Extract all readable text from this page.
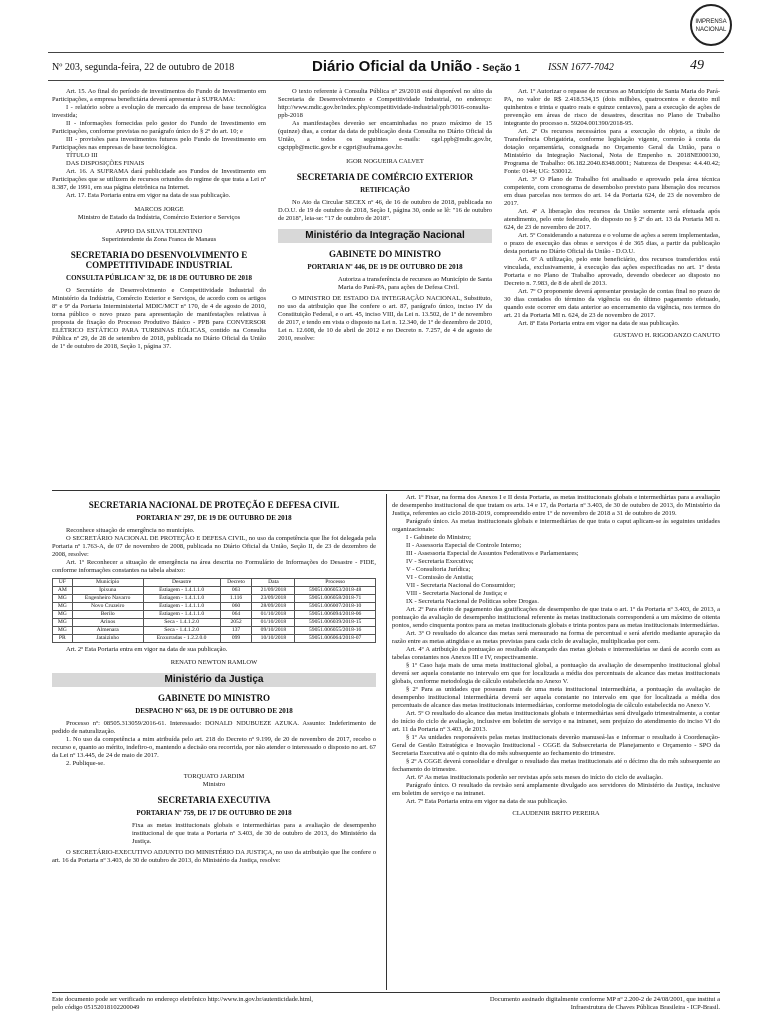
IMPRENSA NACIONAL
Nº 203, segunda-feira, 22 de outubro de 2018	Diário Oficial da União - Seção 1	ISSN 1677-7042	49

Art. 15. Ao final do período de investimentos do Fundo de Investimento em Participações, a empresa beneficiária deverá apresentar à SUFRAMA:

I - relatório sobre a evolução de mercado da empresa de base tecnológica investida;

II - informações fornecidas pelo gestor do Fundo de Investimento em Participações, conforme previstas no parágrafo único do § 2º do art. 10; e

III - provisões para investimentos futuros pelo Fundo de Investimento em Participações nas empresas de base tecnológica.

TÍTULO III

DAS DISPOSIÇÕES FINAIS

Art. 16. A SUFRAMA dará publicidade aos Fundos de Investimento em Participações que se utilizem de recursos oriundos do regime de que trata a Lei nº 8.387, de 1991, em sua página eletrônica na Internet.

Art. 17. Esta Portaria entra em vigor na data de sua publicação.

MARCOS JORGE

Ministro de Estado da Indústria, Comércio Exterior e Serviços

APPIO DA SILVA TOLENTINO

Superintendente da Zona Franca de Manaus

SECRETARIA DO DESENVOLVIMENTO E COMPETITIVIDADE INDUSTRIAL
CONSULTA PÚBLICA Nº 32, DE 18 DE OUTUBRO DE 2018

O Secretário de Desenvolvimento e Competitividade Industrial do Ministério da Indústria, Comércio Exterior e Serviços, de acordo com os artigos 8º e 9º da Portaria Interministerial MDIC/MCT nº 170, de 4 de agosto de 2010, torna público o novo prazo para apresentação de manifestações relativas à proposta de fixação do Processo Produtivo Básico - PPB para CONVERSOR ELÉTRICO ESTÁTICO PARA TURBINAS EÓLICAS, contido na Consulta Pública nº 29, de 28 de setembro de 2018, publicada no Diário Oficial da União de 1º de outubro de 2018, Seção 1, página 37.

O texto referente à Consulta Pública nº 29/2018 está disponível no sítio da Secretaria de Desenvolvimento e Competitividade Industrial, no endereço: http://www.mdic.gov.br/index.php/competitividade-industrial/ppb/3016-consulta-ppb-2018

As manifestações deverão ser encaminhadas no prazo máximo de 15 (quinze) dias, a contar da data de publicação desta Consulta no Diário Oficial da União, a todos os seguintes e-mails: cgel.ppb@mdic.gov.br, cgctppb@mctic.gov.br e cgpri@suframa.gov.br.

IGOR NOGUEIRA CALVET

SECRETARIA DE COMÉRCIO EXTERIOR
RETIFICAÇÃO

No Ato da Circular SECEX nº 46, de 16 de outubro de 2018, publicada no D.O.U. de 19 de outubro de 2018, Seção I, página 30, onde se lê: "16 de outubro de 2018", leia-se: "17 de outubro de 2018".

Ministério da Integração Nacional
GABINETE DO MINISTRO
PORTARIA Nº 446, DE 19 DE OUTUBRO DE 2018

Autoriza a transferência de recursos ao Município de Santa Maria do Pará-PA, para ações de Defesa Civil.

O MINISTRO DE ESTADO DA INTEGRAÇÃO NACIONAL, Substituto, no uso da atribuição que lhe confere o art. 87, parágrafo único, inciso IV da Constituição Federal, e o art. 45, inciso VIII, da Lei n. 13.502, de 1º de novembro de 2017, e tendo em vista o disposto na Lei n. 12.340, de 1º de dezembro de 2010, Lei n. 12.608, de 10 de abril de 2012 e no Decreto n. 7.257, de 4 de agosto de 2010, resolve:

Art. 1º Autorizar o repasse de recursos ao Município de Santa Maria do Pará-PA, no valor de R$ 2.418.534,15 (dois milhões, quatrocentos e dezoito mil quinhentos e trinta e quatro reais e quinze centavos), para a execução de ações de prevenção em áreas de risco de desastres, descritas no Plano de Trabalho integrante do processo n. 59204.001390/2018-95.

Art. 2º Os recursos necessários para a execução do objeto, a título de Transferência Obrigatória, conforme legislação vigente, correrão à conta da dotação orçamentária, consignada no Orçamento Geral da União, para o Ministério da Integração Nacional, Nota de Empenho n. 2018NE000130, Programa de Trabalho: 06.182.2040.8348.0001; Natureza de Despesa: 4.4.40.42; Fonte: 0144; UG: 530012.

Art. 3º O Plano de Trabalho foi analisado e aprovado pela área técnica competente, com cronograma de desembolso previsto para liberação dos recursos em duas parcelas nos termos do art. 14 da Portaria 624, de 23 de novembro de 2017.

Art. 4º A liberação dos recursos da União somente será efetuada após atendimento, pelo ente federado, do disposto no § 2º do art. 13 da Portaria MI n. 624, de 23 de novembro de 2017.

Art. 5º Considerando a natureza e o volume de ações a serem implementadas, o prazo de execução das obras e serviços é de 365 dias, a partir da publicação desta portaria no Diário Oficial da União - D.O.U.

Art. 6º A utilização, pelo ente beneficiário, dos recursos transferidos está vinculada, exclusivamente, à execução das ações especificadas no art. 1º desta Portaria e no Plano de Trabalho aprovado, devendo obedecer ao disposto no Decreto n. 7.983, de 8 de abril de 2013.

Art. 7º O proponente deverá apresentar prestação de contas final no prazo de 30 dias contados do término da vigência ou do último pagamento efetuado, quando este ocorrer em data anterior ao encerramento da vigência, nos termos do art. 21 da Portaria MI n. 624, de 23 de novembro de 2017.

Art. 8º Esta Portaria entra em vigor na data de sua publicação.

GUSTAVO H. RIGODANZO CANUTO

SECRETARIA NACIONAL DE PROTEÇÃO E DEFESA CIVIL
PORTARIA Nº 297, DE 19 DE OUTUBRO DE 2018

Reconhece situação de emergência no município.

O SECRETÁRIO NACIONAL DE PROTEÇÃO E DEFESA CIVIL, no uso da competência que lhe foi delegada pela Portaria nº 1.763-A, de 07 de novembro de 2008, publicada no Diário Oficial da União, Seção II, de 23 de dezembro de 2008, resolve:

Art. 1º Reconhecer a situação de emergência na área descrita no Formulário de Informações do Desastre - FIDE, conforme informações constantes na tabela abaixo:

UF	Município	Desastre	Decreto	Data	Processo
AM	Ipixuna	Estiagem - 1.4.1.1.0	063	21/09/2018	59051.006053/2018-48
MG	Engenheiro Navarro	Estiagem - 1.4.1.1.0	1.116	23/09/2018	59051.006058/2018-71
MG	Novo Cruzeiro	Estiagem - 1.4.1.1.0	060	28/09/2018	59051.006007/2018-10
MG	Berilo	Estiagem - 1.4.1.1.0	064	01/10/2018	59051.006094/2018-06
MG	Arinos	Seca - 1.4.1.2.0	2052	01/10/2018	59051.006039/2018-15
MG	Almenara	Seca - 1.4.1.2.0	137	09/10/2018	59051.006055/2018-16
PR	Jataizinho	Enxurradas - 1.2.2.0.0	099	10/10/2018	59051.006064/2018-07

Art. 2º Esta Portaria entra em vigor na data de sua publicação.

RENATO NEWTON RAMLOW

Ministério da Justiça
GABINETE DO MINISTRO
DESPACHO Nº 663, DE 19 DE OUTUBRO DE 2018

Processo nº: 08505.313059/2016-61. Interessado: DONALD NDUBUEZE AZUKA. Assunto: Indeferimento de pedido de naturalização.

1. No uso da competência a mim atribuída pelo art. 218 do Decreto nº 9.199, de 20 de novembro de 2017, recebo o recurso e, quanto ao mérito, indefiro-o, mantendo a decisão ora recorrida, por não atender o interessado o disposto no art. 67 da Lei nº 13.445, de 24 de maio de 2017.

2. Publique-se.

TORQUATO JARDIM

Ministro

SECRETARIA EXECUTIVA
PORTARIA Nº 759, DE 17 DE OUTUBRO DE 2018

Fixa as metas institucionais globais e intermediárias para a avaliação de desempenho institucional de que trata a Portaria nº 3.403, de 30 de outubro de 2013, do Ministério da Justiça.

O SECRETÁRIO-EXECUTIVO ADJUNTO DO MINISTÉRIO DA JUSTIÇA, no uso da atribuição que lhe confere o art. 16 da Portaria nº 3.403, de 30 de outubro de 2013, do Ministério da Justiça, resolve:

Art. 1º Fixar, na forma dos Anexos I e II desta Portaria, as metas institucionais globais e intermediárias para a avaliação de desempenho institucional de que tratam os arts. 14 e 17, da Portaria nº 3.403, de 30 de outubro de 2013, do Ministério da Justiça, referentes ao ciclo 2018-2019, compreendido entre 1º de novembro de 2018 a 31 de outubro de 2019.

Parágrafo único. As metas institucionais globais e intermediárias de que trata o caput aplicam-se às seguintes unidades organizacionais:

I - Gabinete do Ministro;

II - Assessoria Especial de Controle Interno;

III - Assessoria Especial de Assuntos Federativos e Parlamentares;

IV - Secretaria Executiva;

V - Consultoria Jurídica;

VI - Comissão de Anistia;

VII - Secretaria Nacional do Consumidor;

VIII - Secretaria Nacional de Justiça; e

IX - Secretaria Nacional de Políticas sobre Drogas.

Art. 2º Para efeito de pagamento das gratificações de desempenho de que trata o art. 1º da Portaria nº 3.403, de 2013, a pontuação da avaliação de desempenho institucional referente às metas institucionais corresponderá a um máximo de oitenta pontos, sendo cinquenta pontos para as metas institucionais globais e trinta pontos para as metas institucionais intermediárias.

Art. 3º O resultado do alcance das metas será mensurado na forma de percentual e será aferido mediante apuração da razão entre as metas atingidas e as metas previstas para cada ciclo de avaliação, multiplicadas por cem.

Art. 4º A atribuição da pontuação ao resultado alcançado das metas globais e intermediárias se dará de acordo com as tabelas constantes nos Anexos III e IV, respectivamente.

§ 1º Caso haja mais de uma meta institucional global, a pontuação da avaliação de desempenho institucional global deverá ser aquela constante no intervalo em que for localizada a média dos percentuais de alcance das metas institucionais globais, conforme metodologia de cálculo estabelecida no Anexo V.

§ 2º Para as unidades que possuam mais de uma meta institucional intermediária, a pontuação da avaliação de desempenho institucional intermediária deverá ser aquela constante no intervalo em que for localizada a média dos percentuais de alcance das metas institucionais intermediárias, conforme metodologia de cálculo estabelecida no Anexo V.

Art. 5º O resultado do alcance das metas institucionais globais e intermediárias será divulgado trimestralmente, a contar do início do ciclo de avaliação, inclusive em boletim de serviço e na intranet, sem prejuízo do atendimento do inciso VI do art. 11 da Portaria nº 3.403, de 2013.

§ 1º As unidades responsáveis pelas metas institucionais deverão manuseá-las e informar o resultado à Coordenação-Geral de Gestão Estratégica e Inovação Institucional - CGGE da Subsecretaria de Planejamento e Orçamento - SPO da Secretaria Executiva até o quinto dia do mês subsequente ao fechamento do trimestre.

§ 2º A CGGE deverá consolidar e divulgar o resultado das metas institucionais até o décimo dia do mês subsequente ao fechamento do trimestre.

Art. 6º As metas institucionais poderão ser revistas após seis meses do início do ciclo de avaliação.

Parágrafo único. O resultado da revisão será amplamente divulgado aos servidores do Ministério da Justiça, inclusive em boletim de serviço e na intranet.

Art. 7º Esta Portaria entra em vigor na data de sua publicação.

CLAUDENIR BRITO PEREIRA

Este documento pode ser verificado no endereço eletrônico http://www.in.gov.br/autenticidade.html,
pelo código 05152018102200049
Documento assinado digitalmente conforme MP nº 2.200-2 de 24/08/2001, que institui a
Infraestrutura de Chaves Públicas Brasileira - ICP-Brasil.
